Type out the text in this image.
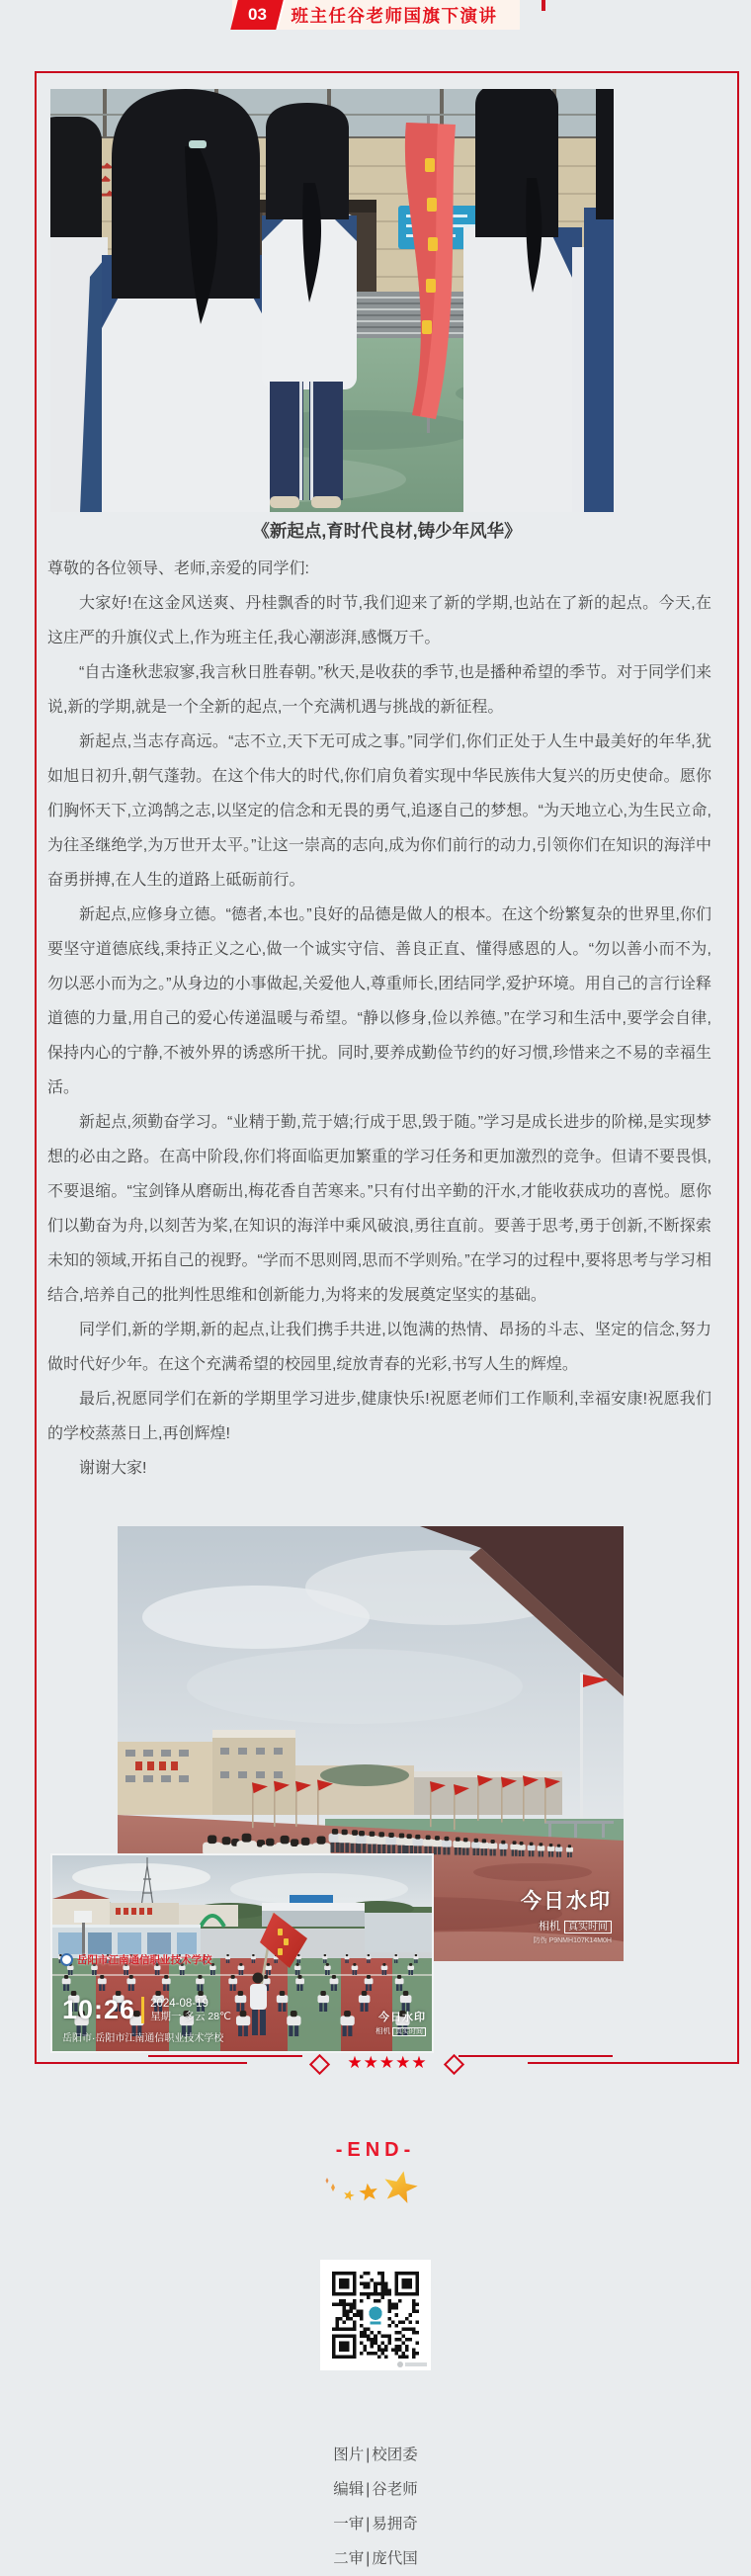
03 班主任谷老师国旗下演讲
《新起点,育时代良材,铸少年风华》

尊敬的各位领导、老师,亲爱的同学们:

大家好!在这金风送爽、丹桂飘香的时节,我们迎来了新的学期,也站在了新的起点。今天,在这庄严的升旗仪式上,作为班主任,我心潮澎湃,感慨万千。

“自古逢秋悲寂寥,我言秋日胜春朝。”秋天,是收获的季节,也是播种希望的季节。对于同学们来说,新的学期,就是一个全新的起点,一个充满机遇与挑战的新征程。

新起点,当志存高远。“志不立,天下无可成之事。”同学们,你们正处于人生中最美好的年华,犹如旭日初升,朝气蓬勃。在这个伟大的时代,你们肩负着实现中华民族伟大复兴的历史使命。愿你们胸怀天下,立鸿鹄之志,以坚定的信念和无畏的勇气,追逐自己的梦想。“为天地立心,为生民立命,为往圣继绝学,为万世开太平。”让这一崇高的志向,成为你们前行的动力,引领你们在知识的海洋中奋勇拼搏,在人生的道路上砥砺前行。

新起点,应修身立德。“德者,本也。”良好的品德是做人的根本。在这个纷繁复杂的世界里,你们要坚守道德底线,秉持正义之心,做一个诚实守信、善良正直、懂得感恩的人。“勿以善小而不为,勿以恶小而为之。”从身边的小事做起,关爱他人,尊重师长,团结同学,爱护环境。用自己的言行诠释道德的力量,用自己的爱心传递温暖与希望。“静以修身,俭以养德。”在学习和生活中,要学会自律,保持内心的宁静,不被外界的诱惑所干扰。同时,要养成勤俭节约的好习惯,珍惜来之不易的幸福生活。

新起点,须勤奋学习。“业精于勤,荒于嬉;行成于思,毁于随。”学习是成长进步的阶梯,是实现梦想的必由之路。在高中阶段,你们将面临更加繁重的学习任务和更加激烈的竞争。但请不要畏惧,不要退缩。“宝剑锋从磨砺出,梅花香自苦寒来。”只有付出辛勤的汗水,才能收获成功的喜悦。愿你们以勤奋为舟,以刻苦为桨,在知识的海洋中乘风破浪,勇往直前。要善于思考,勇于创新,不断探索未知的领域,开拓自己的视野。“学而不思则罔,思而不学则殆。”在学习的过程中,要将思考与学习相结合,培养自己的批判性思维和创新能力,为将来的发展奠定坚实的基础。

同学们,新的学期,新的起点,让我们携手共进,以饱满的热情、昂扬的斗志、坚定的信念,努力做时代好少年。在这个充满希望的校园里,绽放青春的光彩,书写人生的辉煌。

最后,祝愿同学们在新的学期里学习进步,健康快乐!祝愿老师们工作顺利,幸福安康!祝愿我们的学校蒸蒸日上,再创辉煌!

谢谢大家!

今日水印
相机 真实时间
防伪 P9NMH107K14M0H
岳阳市江南通信职业技术学校
10:26 2024-08-19
星期一 多云 28℃
岳阳市·岳阳市江南通信职业技术学校
今日水印
相机 真实时间

★★★★★
-END-
图片 | 校团委
编辑 | 谷老师
一审 | 易拥奇
二审 | 庞代国
